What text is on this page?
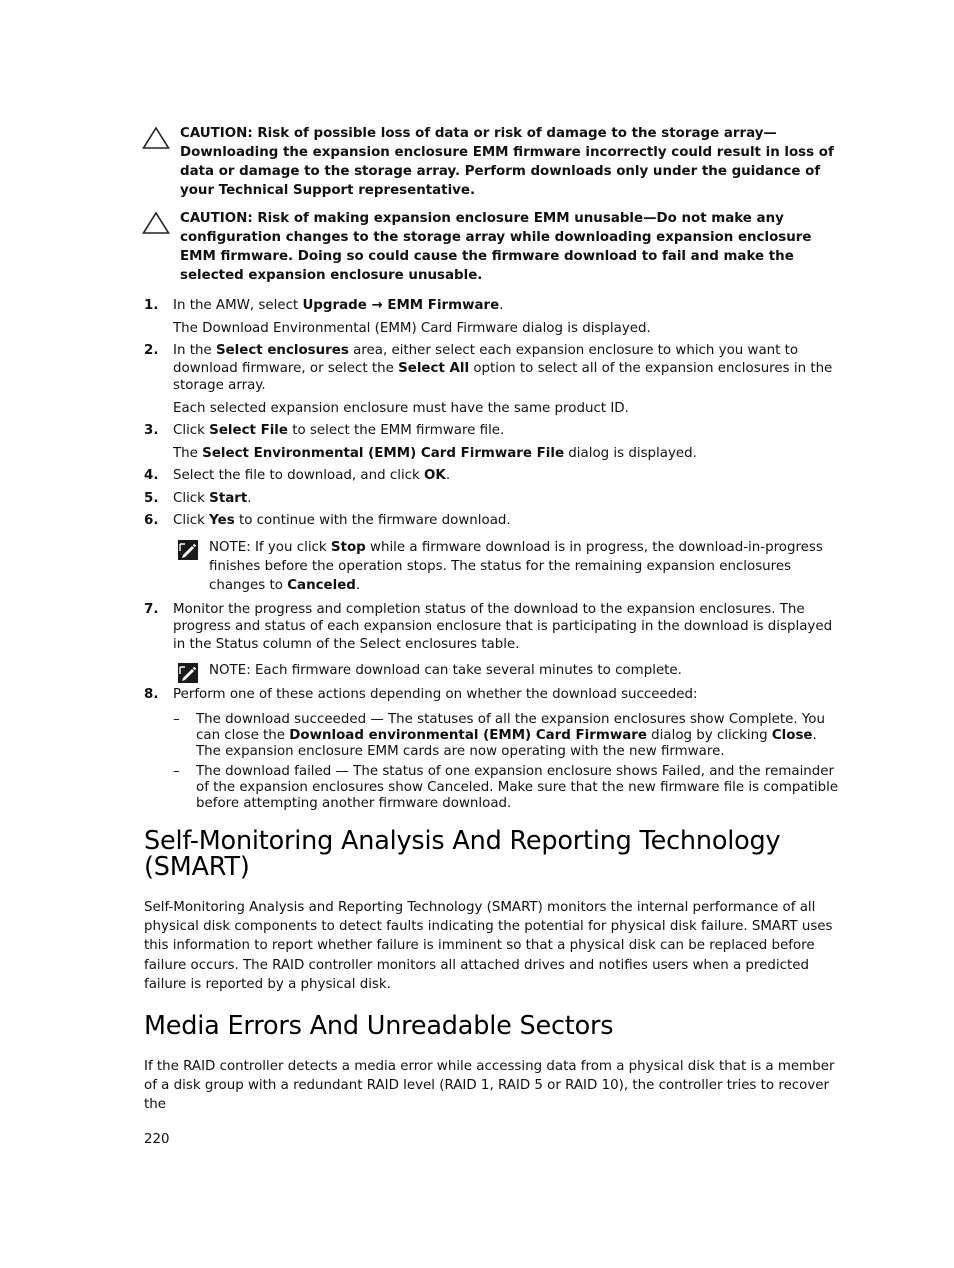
CAUTION: Risk of possible loss of data or risk of damage to the storage array—Downloading the expansion enclosure EMM firmware incorrectly could result in loss of data or damage to the storage array. Perform downloads only under the guidance of your Technical Support representative.
CAUTION: Risk of making expansion enclosure EMM unusable—Do not make any configuration changes to the storage array while downloading expansion enclosure EMM firmware. Doing so could cause the firmware download to fail and make the selected expansion enclosure unusable.
1. In the AMW, select Upgrade → EMM Firmware.

The Download Environmental (EMM) Card Firmware dialog is displayed.

2. In the Select enclosures area, either select each expansion enclosure to which you want to download firmware, or select the Select All option to select all of the expansion enclosures in the storage array.

Each selected expansion enclosure must have the same product ID.

3. Click Select File to select the EMM firmware file.

The Select Environmental (EMM) Card Firmware File dialog is displayed.

4. Select the file to download, and click OK.

5. Click Start.

6. Click Yes to continue with the firmware download.

NOTE: If you click Stop while a firmware download is in progress, the download-in-progress finishes before the operation stops. The status for the remaining expansion enclosures changes to Canceled.
7. Monitor the progress and completion status of the download to the expansion enclosures. The progress and status of each expansion enclosure that is participating in the download is displayed in the Status column of the Select enclosures table.

NOTE: Each firmware download can take several minutes to complete.
8. Perform one of these actions depending on whether the download succeeded:

– The download succeeded — The statuses of all the expansion enclosures show Complete. You can close the Download environmental (EMM) Card Firmware dialog by clicking Close. The expansion enclosure EMM cards are now operating with the new firmware.
– The download failed — The status of one expansion enclosure shows Failed, and the remainder of the expansion enclosures show Canceled. Make sure that the new firmware file is compatible before attempting another firmware download.
Self-Monitoring Analysis And Reporting Technology (SMART)

Self-Monitoring Analysis and Reporting Technology (SMART) monitors the internal performance of all physical disk components to detect faults indicating the potential for physical disk failure. SMART uses this information to report whether failure is imminent so that a physical disk can be replaced before failure occurs. The RAID controller monitors all attached drives and notifies users when a predicted failure is reported by a physical disk.

Media Errors And Unreadable Sectors

If the RAID controller detects a media error while accessing data from a physical disk that is a member of a disk group with a redundant RAID level (RAID 1, RAID 5 or RAID 10), the controller tries to recover the

220
